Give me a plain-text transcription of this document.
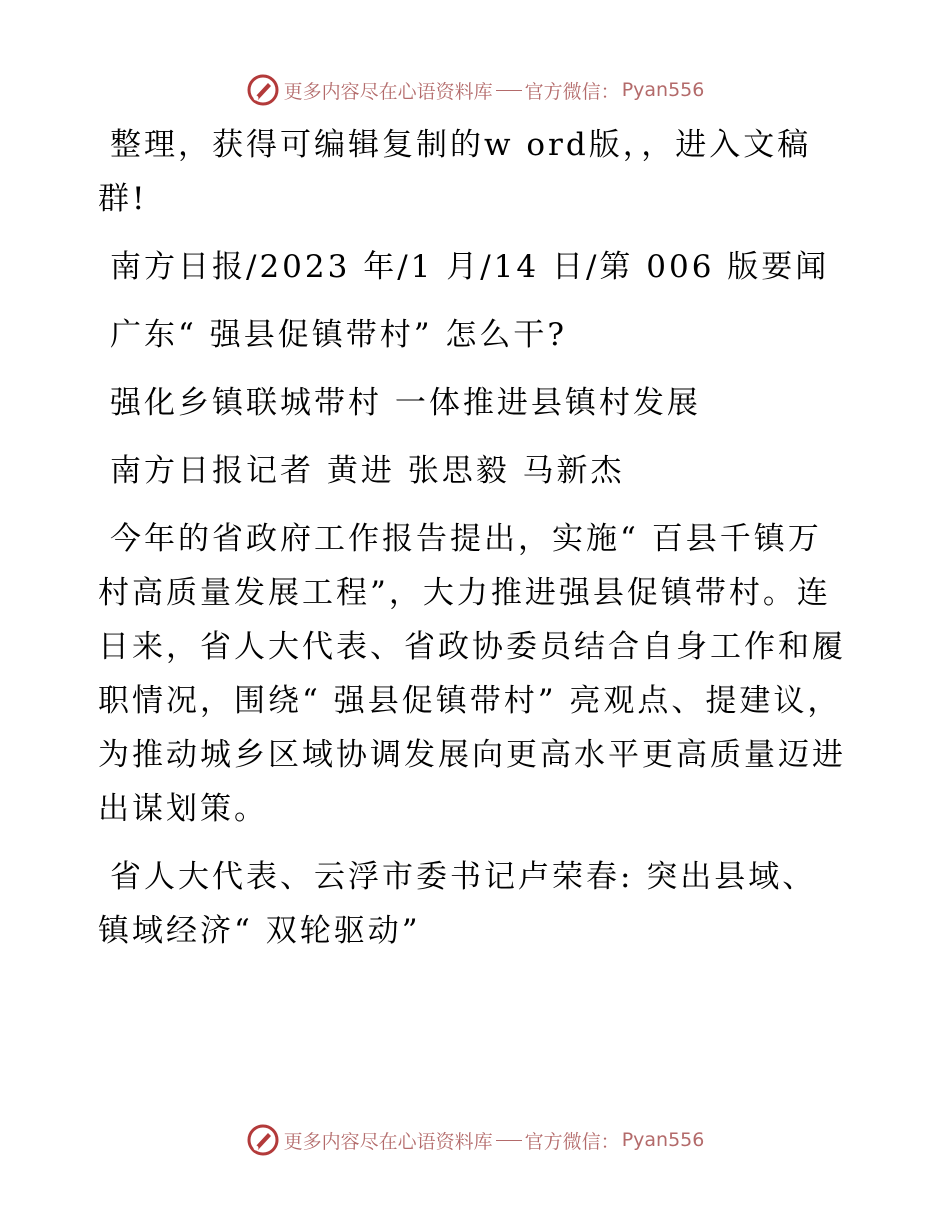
更多内容尽在心语资料库 官方微信： Pyan556

整理，获得可编辑复制的w ord版，，进入文稿群!

南方日报/2023 年/1 月/14 日/第 006 版要闻

广东“ 强县促镇带村” 怎么干?

强化乡镇联城带村 一体推进县镇村发展

南方日报记者 黄进 张思毅 马新杰

今年的省政府工作报告提出，实施“ 百县千镇万村高质量发展工程”，大力推进强县促镇带村。连日来，省人大代表、省政协委员结合自身工作和履职情况，围绕“ 强县促镇带村” 亮观点、提建议，为推动城乡区域协调发展向更高水平更高质量迈进出谋划策。

省人大代表、云浮市委书记卢荣春: 突出县域、镇域经济“ 双轮驱动”

更多内容尽在心语资料库 官方微信： Pyan556
